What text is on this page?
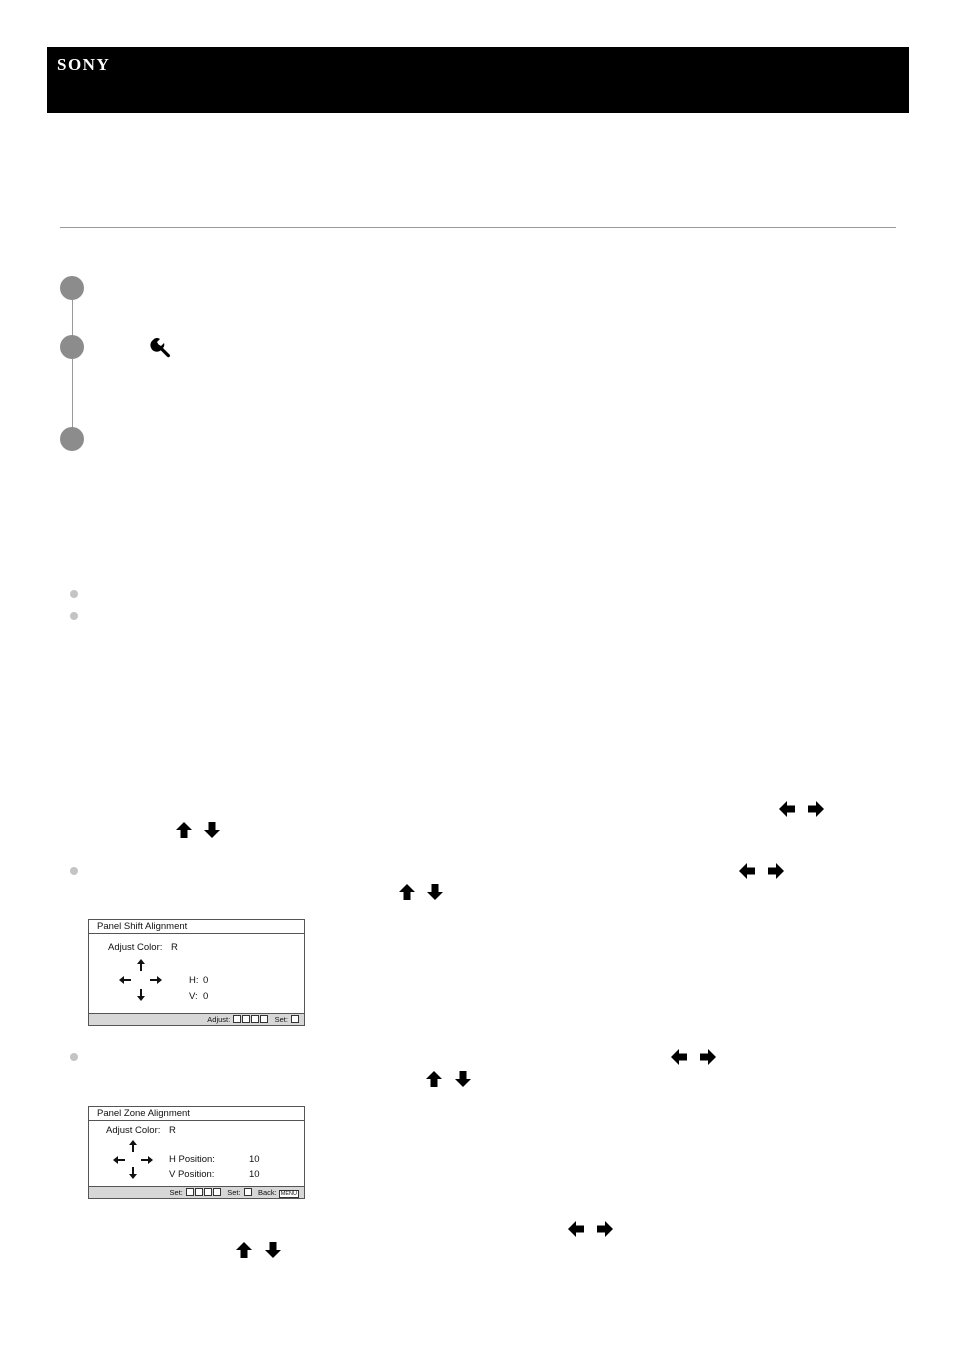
SONY
Panel Shift Alignment
Adjust Color: R
H: 0
V: 0
Adjust:	Set:
Panel Zone Alignment
Adjust Color: R
H Position:	10
V Position:	10
Set:	Set: Back: MENU
